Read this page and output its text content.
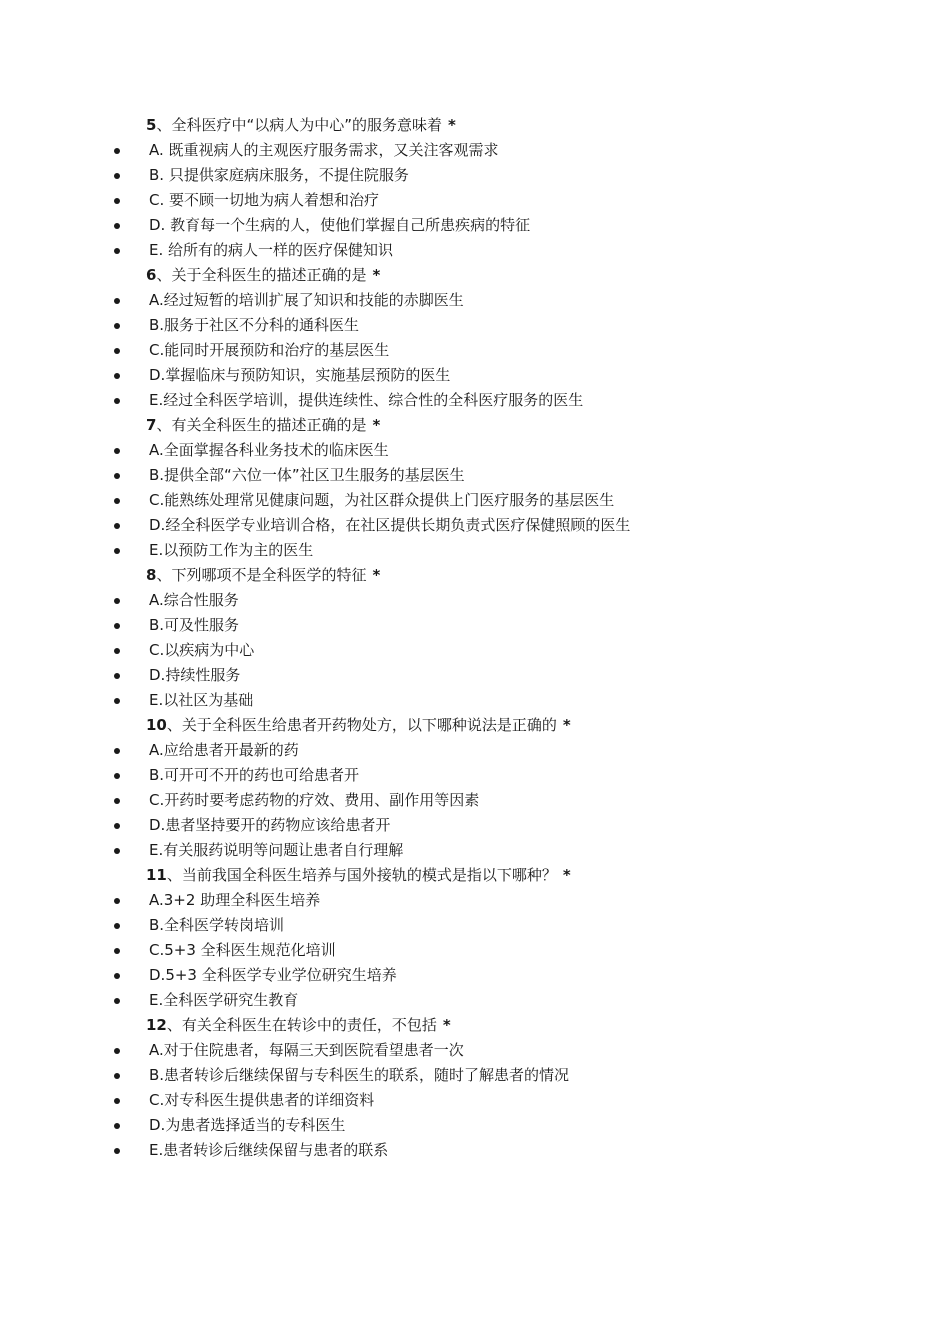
5、全科医疗中“以病人为中心”的服务意味着 *
A. 既重视病人的主观医疗服务需求，又关注客观需求
B. 只提供家庭病床服务，不提住院服务
C. 要不顾一切地为病人着想和治疗
D. 教育每一个生病的人，使他们掌握自己所患疾病的特征
E. 给所有的病人一样的医疗保健知识
6、关于全科医生的描述正确的是 *
A.经过短暂的培训扩展了知识和技能的赤脚医生
B.服务于社区不分科的通科医生
C.能同时开展预防和治疗的基层医生
D.掌握临床与预防知识，实施基层预防的医生
E.经过全科医学培训，提供连续性、综合性的全科医疗服务的医生
7、有关全科医生的描述正确的是 *
A.全面掌握各科业务技术的临床医生
B.提供全部“六位一体”社区卫生服务的基层医生
C.能熟练处理常见健康问题，为社区群众提供上门医疗服务的基层医生
D.经全科医学专业培训合格，在社区提供长期负责式医疗保健照顾的医生
E.以预防工作为主的医生
8、下列哪项不是全科医学的特征 *
A.综合性服务
B.可及性服务
C.以疾病为中心
D.持续性服务
E.以社区为基础
10、关于全科医生给患者开药物处方，以下哪种说法是正确的 *
A.应给患者开最新的药
B.可开可不开的药也可给患者开
C.开药时要考虑药物的疗效、费用、副作用等因素
D.患者坚持要开的药物应该给患者开
E.有关服药说明等问题让患者自行理解
11、当前我国全科医生培养与国外接轨的模式是指以下哪种？ *
A.3+2 助理全科医生培养
B.全科医学转岗培训
C.5+3 全科医生规范化培训
D.5+3 全科医学专业学位研究生培养
E.全科医学研究生教育
12、有关全科医生在转诊中的责任，不包括 *
A.对于住院患者，每隔三天到医院看望患者一次
B.患者转诊后继续保留与专科医生的联系，随时了解患者的情况
C.对专科医生提供患者的详细资料
D.为患者选择适当的专科医生
E.患者转诊后继续保留与患者的联系
